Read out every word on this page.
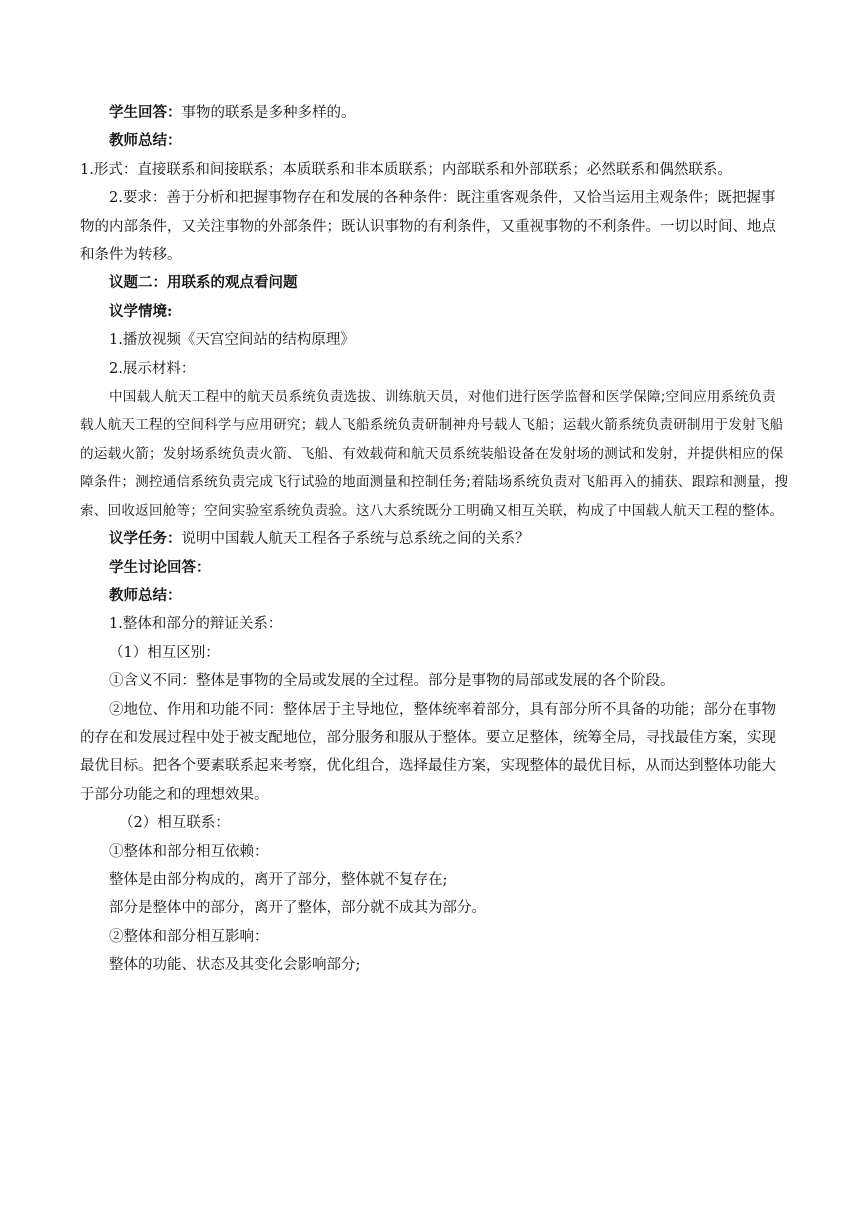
学生回答：事物的联系是多种多样的。

教师总结：

1.形式：直接联系和间接联系；本质联系和非本质联系；内部联系和外部联系；必然联系和偶然联系。

2.要求：善于分析和把握事物存在和发展的各种条件：既注重客观条件，又恰当运用主观条件；既把握事物的内部条件，又关注事物的外部条件；既认识事物的有利条件，又重视事物的不利条件。一切以时间、地点和条件为转移。

议题二：用联系的观点看问题

议学情境:

1.播放视频《天宫空间站的结构原理》

2.展示材料：

中国载人航天工程中的航天员系统负责选拔、训练航天员，对他们进行医学监督和医学保障;空间应用系统负责载人航天工程的空间科学与应用研究；载人飞船系统负责研制神舟号载人飞船；运载火箭系统负责研制用于发射飞船的运载火箭；发射场系统负责火箭、飞船、有效载荷和航天员系统装船设备在发射场的测试和发射，并提供相应的保障条件；测控通信系统负责完成飞行试验的地面测量和控制任务;着陆场系统负责对飞船再入的捕获、跟踪和测量，搜索、回收返回舱等；空间实验室系统负责验。这八大系统既分工明确又相互关联，构成了中国载人航天工程的整体。

议学任务：说明中国载人航天工程各子系统与总系统之间的关系？

学生讨论回答：

教师总结：

1.整体和部分的辩证关系：

（1）相互区别：

①含义不同：整体是事物的全局或发展的全过程。部分是事物的局部或发展的各个阶段。

②地位、作用和功能不同：整体居于主导地位，整体统率着部分，具有部分所不具备的功能；部分在事物的存在和发展过程中处于被支配地位，部分服务和服从于整体。要立足整体，统筹全局，寻找最佳方案，实现最优目标。把各个要素联系起来考察，优化组合，选择最佳方案，实现整体的最优目标，从而达到整体功能大于部分功能之和的理想效果。

（2）相互联系：

①整体和部分相互依赖：

整体是由部分构成的，离开了部分，整体就不复存在;

部分是整体中的部分，离开了整体，部分就不成其为部分。

②整体和部分相互影响：

整体的功能、状态及其变化会影响部分;
